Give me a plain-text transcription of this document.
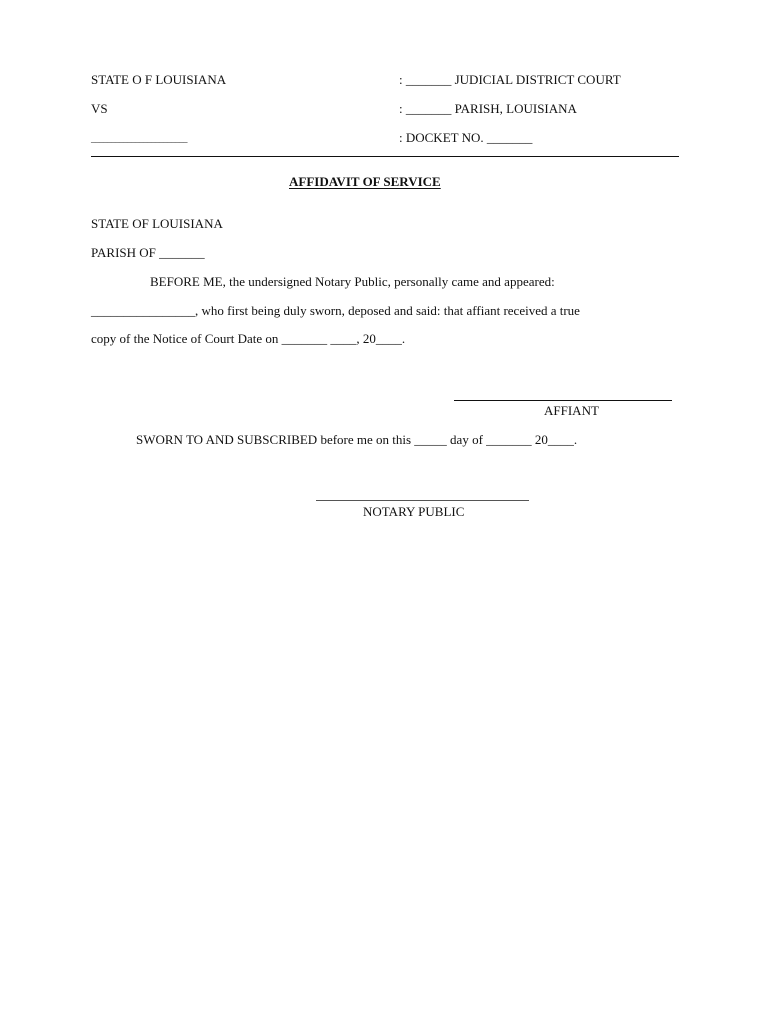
STATE O F LOUISIANA
VS
________________________
: _______ JUDICIAL DISTRICT COURT
: _______ PARISH, LOUISIANA
: DOCKET NO. _______
AFFIDAVIT OF SERVICE
STATE OF LOUISIANA
PARISH OF _______
BEFORE ME, the undersigned Notary Public, personally came and appeared:
________________, who first being duly sworn, deposed and said: that affiant received a true
copy of the Notice of Court Date on _______ ____, 20____.
AFFIANT
SWORN TO AND SUBSCRIBED before me on this _____ day of _______ 20____.
NOTARY PUBLIC
